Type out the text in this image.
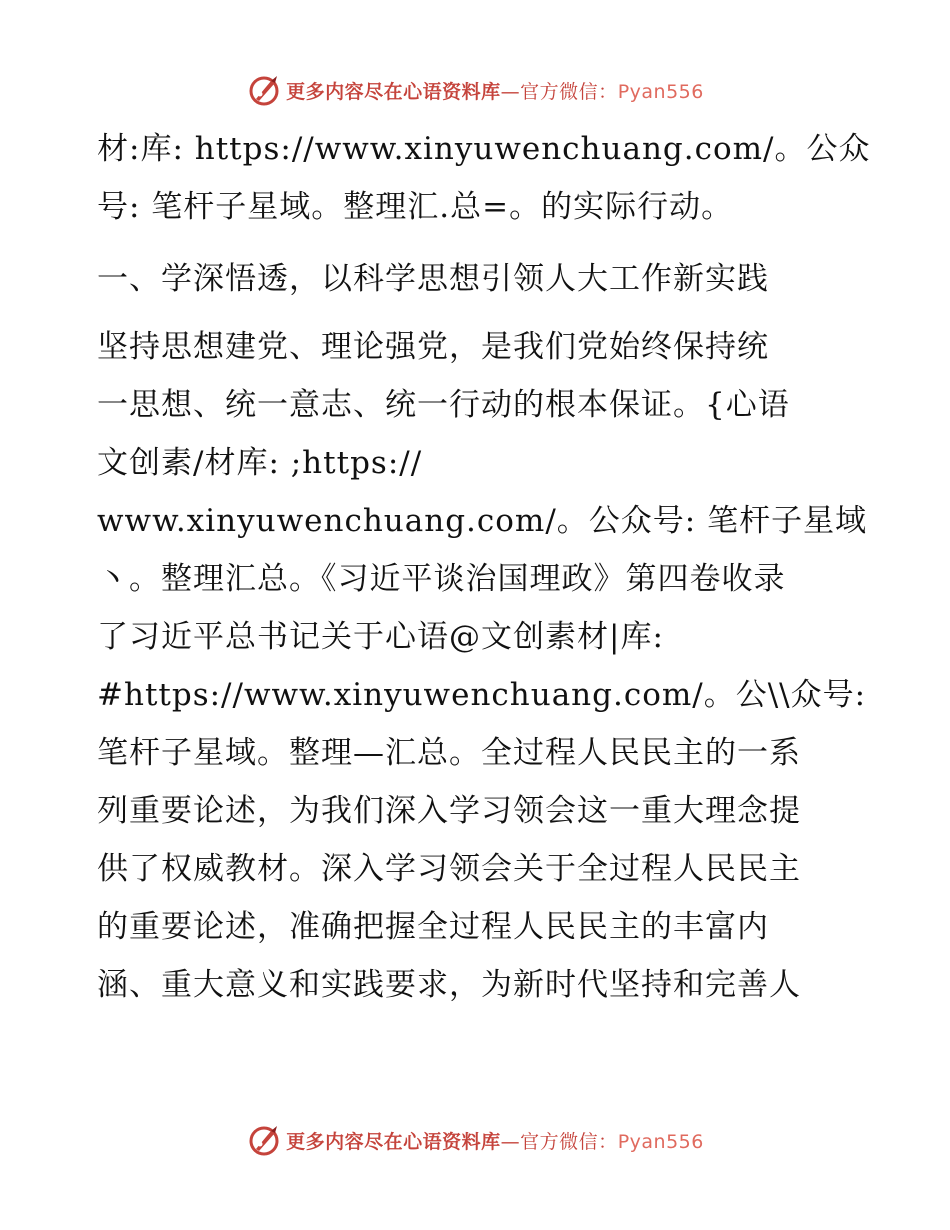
更多内容尽在心语资料库—官方微信：Pyan556
材:库: https://www.xinyuwenchuang.com/。公众
号: 笔杆子星域。整理汇.总=。的实际行动。
一、学深悟透，以科学思想引领人大工作新实践
坚持思想建党、理论强党，是我们党始终保持统
一思想、统一意志、统一行动的根本保证。{心语
文创素/材库: ;https://
www.xinyuwenchuang.com/。公众号: 笔杆子星域
丶。整理汇总。《习近平谈治国理政》第四卷收录
了习近平总书记关于心语@文创素材|库:
#https://www.xinyuwenchuang.com/。公\\众号:
笔杆子星域。整理—汇总。全过程人民民主的一系
列重要论述，为我们深入学习领会这一重大理念提
供了权威教材。深入学习领会关于全过程人民民主
的重要论述，准确把握全过程人民民主的丰富内
涵、重大意义和实践要求，为新时代坚持和完善人
更多内容尽在心语资料库—官方微信：Pyan556
